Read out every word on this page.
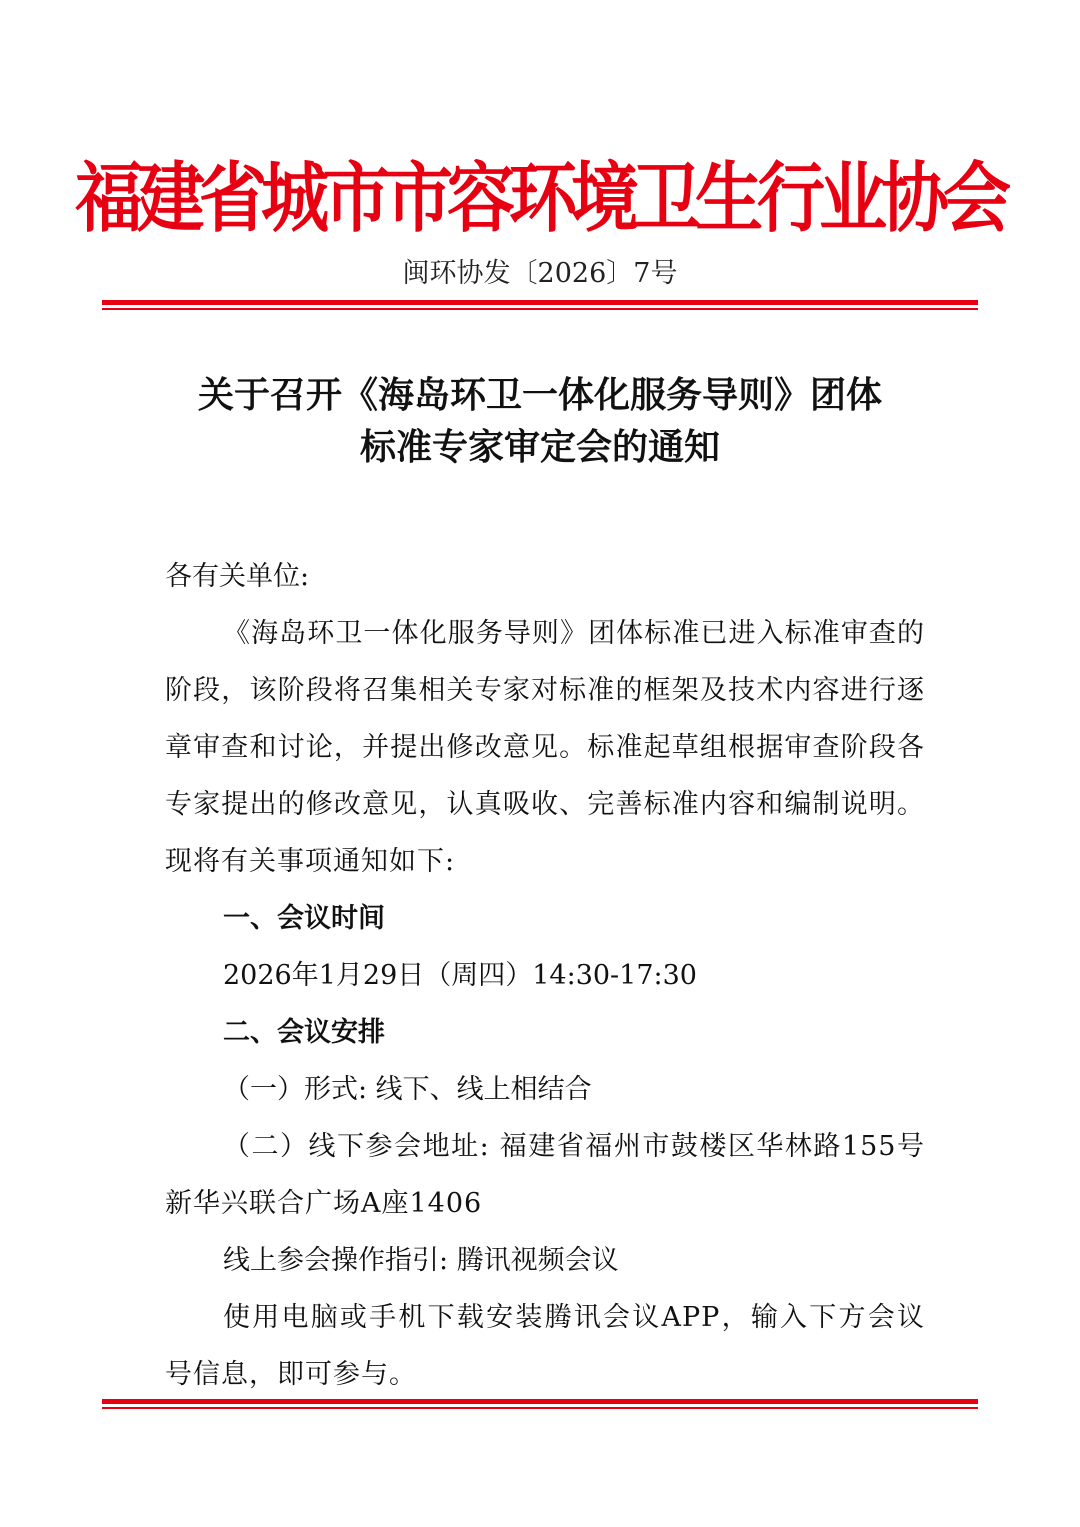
福建省城市市容环境卫生行业协会
闽环协发〔2026〕7号
关于召开《海岛环卫一体化服务导则》团体
标准专家审定会的通知

各有关单位:

《海岛环卫一体化服务导则》团体标准已进入标准审查的阶段，该阶段将召集相关专家对标准的框架及技术内容进行逐章审查和讨论，并提出修改意见。标准起草组根据审查阶段各专家提出的修改意见，认真吸收、完善标准内容和编制说明。现将有关事项通知如下:

一、会议时间

2026年1月29日（周四）14:30-17:30

二、会议安排

（一）形式: 线下、线上相结合

（二）线下参会地址: 福建省福州市鼓楼区华林路155号新华兴联合广场A座1406

线上参会操作指引: 腾讯视频会议

使用电脑或手机下载安装腾讯会议APP，输入下方会议号信息，即可参与。
